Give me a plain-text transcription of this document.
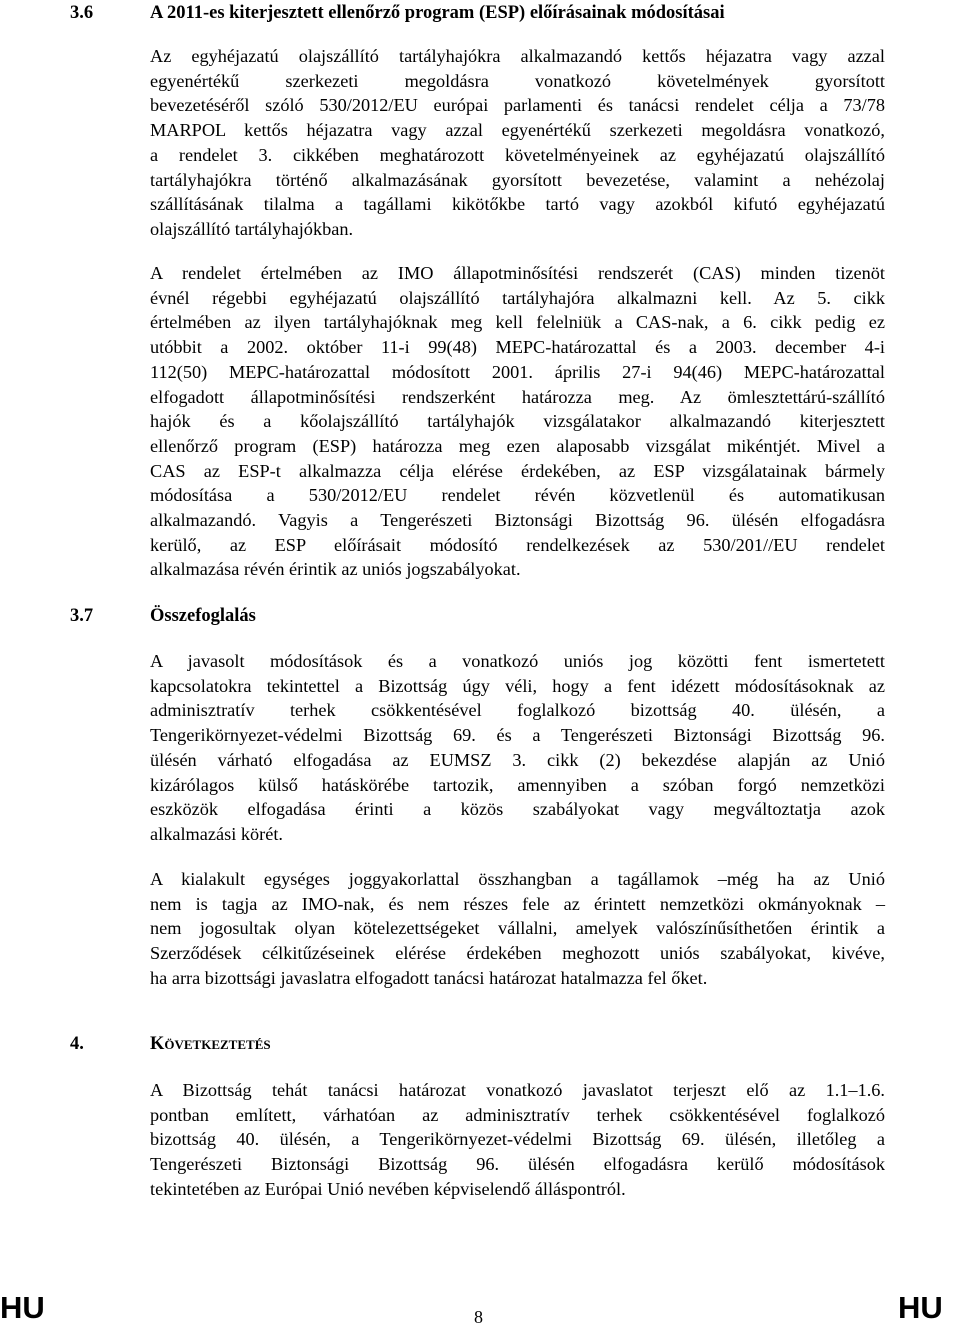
3.6	A 2011-es kiterjesztett ellenőrző program (ESP) előírásainak módosításai
Az egyhéjazatú olajszállító tartályhajókra alkalmazandó kettős héjazatra vagy azzal
egyenértékű szerkezeti megoldásra vonatkozó követelmények gyorsított
bevezetéséről szóló 530/2012/EU európai parlamenti és tanácsi rendelet célja a 73/78
MARPOL kettős héjazatra vagy azzal egyenértékű szerkezeti megoldásra vonatkozó,
a rendelet 3. cikkében meghatározott követelményeinek az egyhéjazatú olajszállító
tartályhajókra történő alkalmazásának gyorsított bevezetése, valamint a nehézolaj
szállításának tilalma a tagállami kikötőkbe tartó vagy azokból kifutó egyhéjazatú
olajszállító tartályhajókban.
A rendelet értelmében az IMO állapotminősítési rendszerét (CAS) minden tizenöt
évnél régebbi egyhéjazatú olajszállító tartályhajóra alkalmazni kell. Az 5. cikk
értelmében az ilyen tartályhajóknak meg kell felelniük a CAS-nak, a 6. cikk pedig ez
utóbbit a 2002. október 11-i 99(48) MEPC-határozattal és a 2003. december 4-i
112(50) MEPC-határozattal módosított 2001. április 27-i 94(46) MEPC-határozattal
elfogadott állapotminősítési rendszerként határozza meg. Az ömlesztettárú-szállító
hajók és a kőolajszállító tartályhajók vizsgálatakor alkalmazandó kiterjesztett
ellenőrző program (ESP) határozza meg ezen alaposabb vizsgálat mikéntjét. Mivel a
CAS az ESP-t alkalmazza célja elérése érdekében, az ESP vizsgálatainak bármely
módosítása a 530/2012/EU rendelet révén közvetlenül és automatikusan
alkalmazandó. Vagyis a Tengerészeti Biztonsági Bizottság 96. ülésén elfogadásra
kerülő, az ESP előírásait módosító rendelkezések az 530/201//EU rendelet
alkalmazása révén érintik az uniós jogszabályokat.
3.7	Összefoglalás
A javasolt módosítások és a vonatkozó uniós jog közötti fent ismertetett
kapcsolatokra tekintettel a Bizottság úgy véli, hogy a fent idézett módosításoknak az
adminisztratív terhek csökkentésével foglalkozó bizottság 40. ülésén, a
Tengerikörnyezet-védelmi Bizottság 69. és a Tengerészeti Biztonsági Bizottság 96.
ülésén várható elfogadása az EUMSZ 3. cikk (2) bekezdése alapján az Unió
kizárólagos külső hatáskörébe tartozik, amennyiben a szóban forgó nemzetközi
eszközök elfogadása érinti a közös szabályokat vagy megváltoztatja azok
alkalmazási körét.
A kialakult egységes joggyakorlattal összhangban a tagállamok –még ha az Unió
nem is tagja az IMO-nak, és nem részes fele az érintett nemzetközi okmányoknak –
nem jogosultak olyan kötelezettségeket vállalni, amelyek valószínűsíthetően érintik a
Szerződések célkitűzéseinek elérése érdekében meghozott uniós szabályokat, kivéve,
ha arra bizottsági javaslatra elfogadott tanácsi határozat hatalmazza fel őket.
4.	Következtetés
A Bizottság tehát tanácsi határozat vonatkozó javaslatot terjeszt elő az 1.1–1.6.
pontban említett, várhatóan az adminisztratív terhek csökkentésével foglalkozó
bizottság 40. ülésén, a Tengerikörnyezet-védelmi Bizottság 69. ülésén, illetőleg a
Tengerészeti Biztonsági Bizottság 96. ülésén elfogadásra kerülő módosítások
tekintetében az Európai Unió nevében képviselendő álláspontról.
HU	8	HU
